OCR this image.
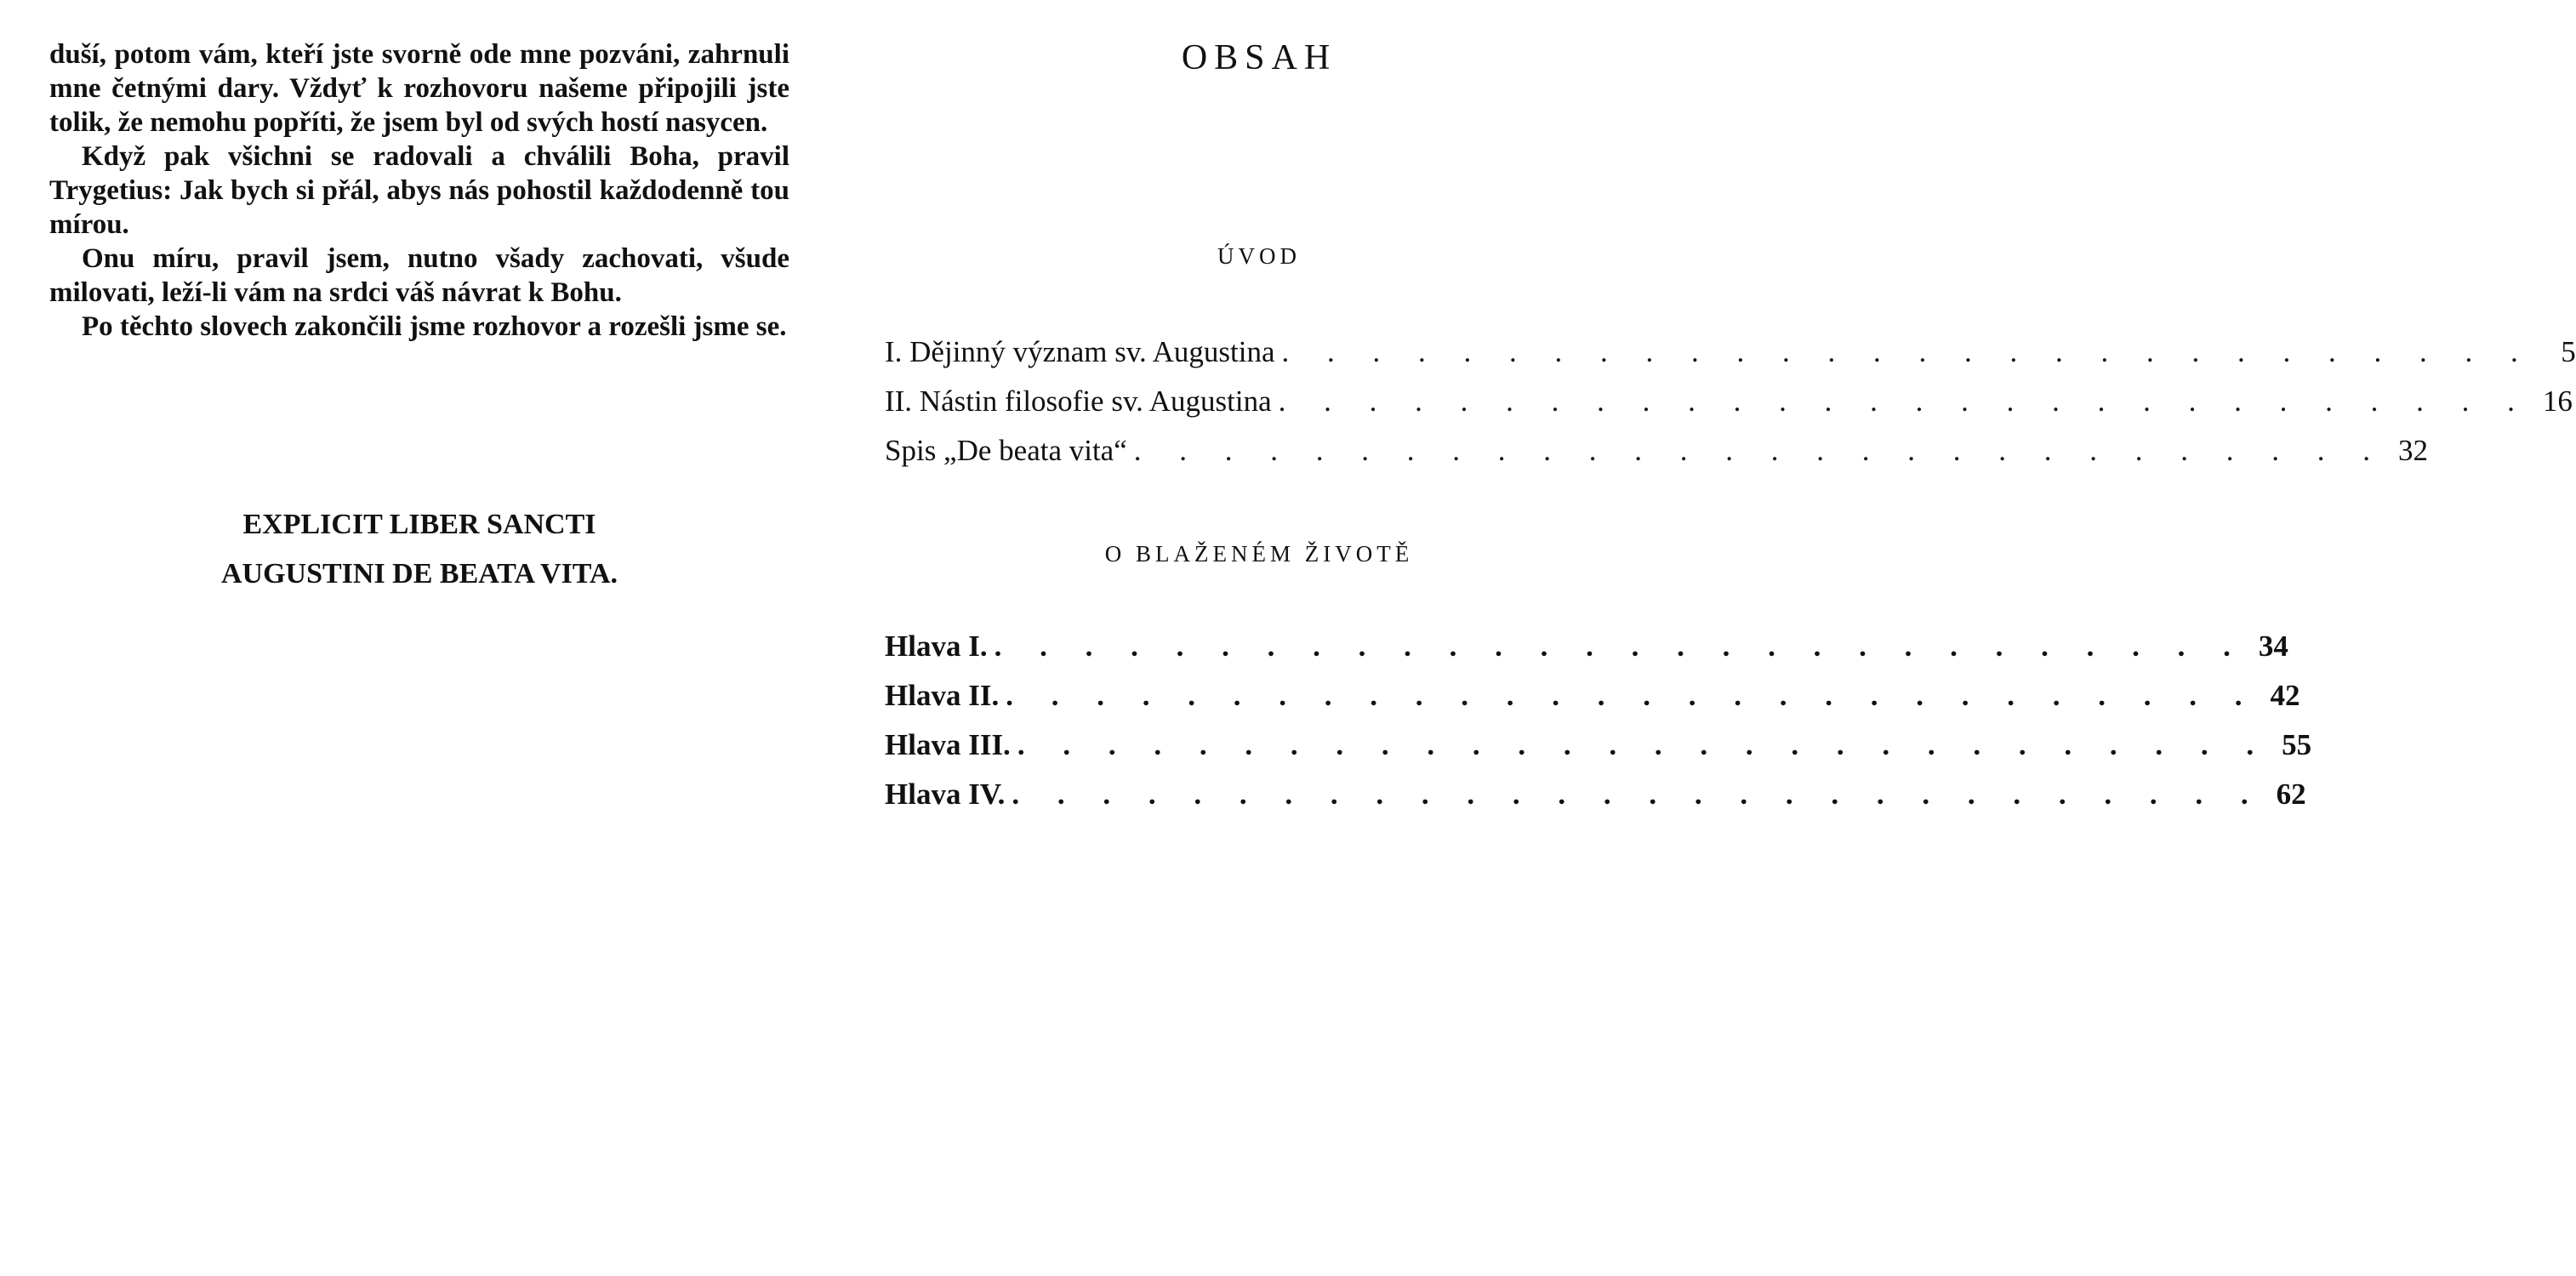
duší, potom vám, kteří jste svorně ode mne pozváni, zahrnuli mne četnými dary. Vždyť k rozhovoru našeme připojili jste tolik, že nemohu popříti, že jsem byl od svých hostí nasycen.

Když pak všichni se radovali a chválili Boha, pravil Trygetius: Jak bych si přál, abys nás pohostil každodenně tou mírou.

Onu míru, pravil jsem, nutno všady zachovati, všude milovati, leží-li vám na srdci váš návrat k Bohu.

Po těchto slovech zakončili jsme rozhovor a rozešli jsme se.

EXPLICIT LIBER SANCTI
AUGUSTINI DE BEATA VITA.
OBSAH
ÚVOD
I. Dějinný význam sv. Augustina . . . . . . . . . . . . . . . . . . . . . . . . . . . . 5
II. Nástin filosofie sv. Augustina . . . . . . . . . . . . . . . . . . . . . . . . . . . . 16
Spis „De beata vita“ . . . . . . . . . . . . . . . . . . . . . . . . . . . . 32
O BLAŽENÉM ŽIVOTĚ
Hlava I. . . . . . . . . . . . . . . . . . . . . . . . . . . . . 34
Hlava II. . . . . . . . . . . . . . . . . . . . . . . . . . . . . 42
Hlava III. . . . . . . . . . . . . . . . . . . . . . . . . . . . . 55
Hlava IV. . . . . . . . . . . . . . . . . . . . . . . . . . . . . 62
